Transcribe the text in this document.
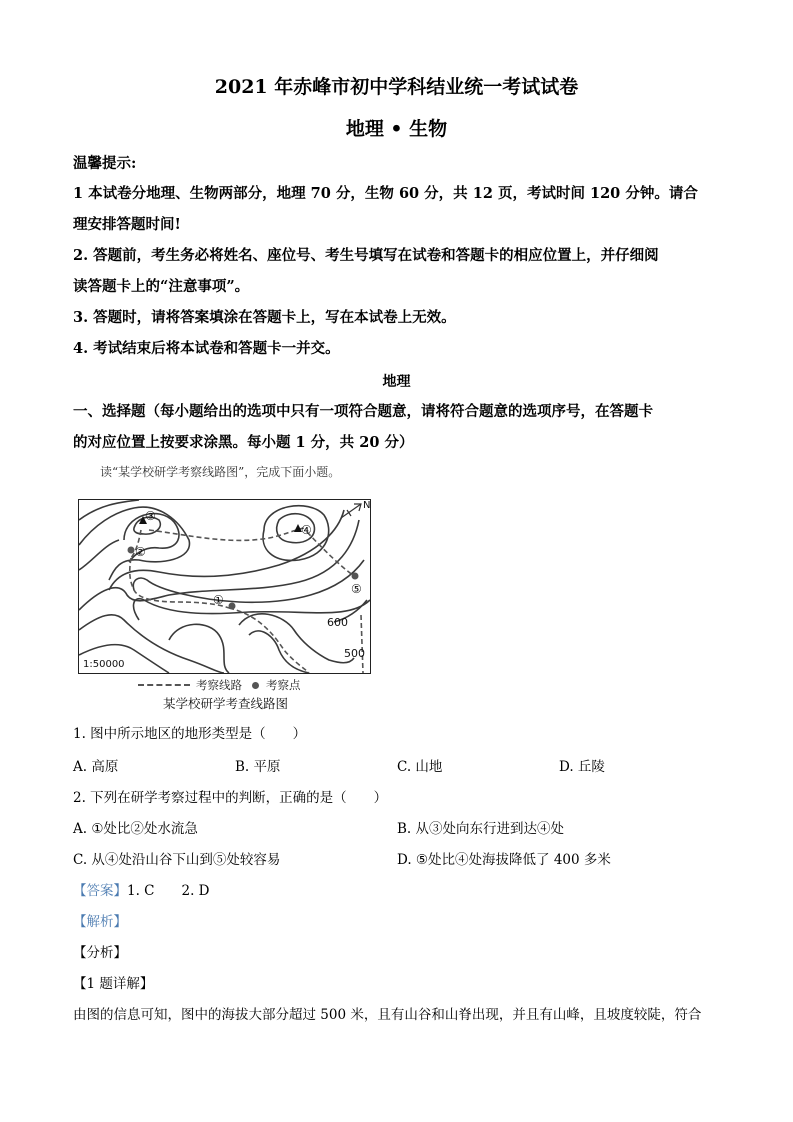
2021 年赤峰市初中学科结业统一考试试卷
地理 • 生物
温馨提示:
1 本试卷分地理、生物两部分，地理 70 分，生物 60 分，共 12 页，考试时间 120 分钟。请合
理安排答题时间!
2. 答题前，考生务必将姓名、座位号、考生号填写在试卷和答题卡的相应位置上，并仔细阅
读答题卡上的“注意事项”。
3. 答题时，请将答案填涂在答题卡上，写在本试卷上无效。
4. 考试结束后将本试卷和答题卡一并交。
地理
一、选择题（每小题给出的选项中只有一项符合题意，请将符合题意的选项序号，在答题卡
的对应位置上按要求涂黑。每小题 1 分，共 20 分）
读“某学校研学考察线路图”，完成下面小题。
③
④
②
①
⑤
N
600
500
1:50000
考察线路 考察点
某学校研学考查线路图
1. 图中所示地区的地形类型是（　　）
A. 高原	B. 平原	C. 山地	D. 丘陵
2. 下列在研学考察过程中的判断，正确的是（　　）
A. ①处比②处水流急	B. 从③处向东行进到达④处
C. 从④处沿山谷下山到⑤处较容易	D. ⑤处比④处海拔降低了 400 多米
【答案】1. C　　2. D
【解析】
【分析】
【1 题详解】
由图的信息可知，图中的海拔大部分超过 500 米，且有山谷和山脊出现，并且有山峰，且坡度较陡，符合
